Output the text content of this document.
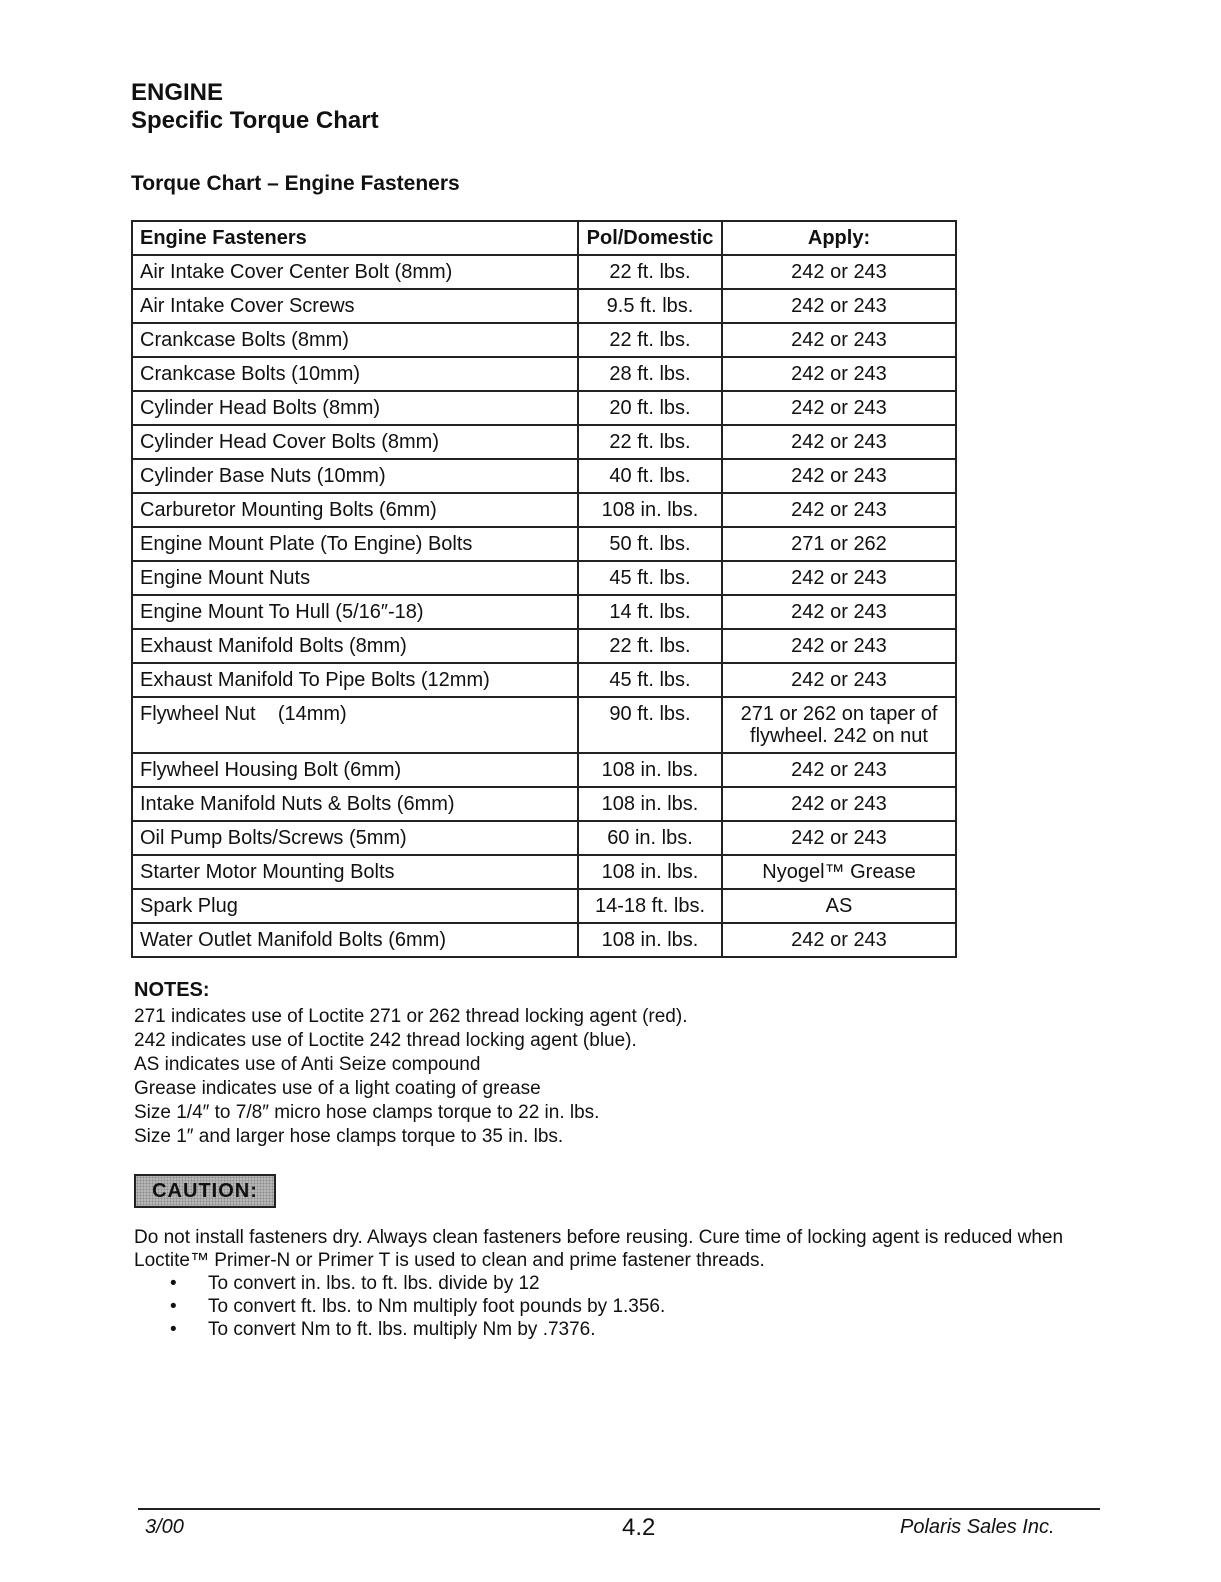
ENGINE
Specific Torque Chart
Torque Chart – Engine Fasteners
Engine Fasteners	Pol/Domestic	Apply:
Air Intake Cover Center Bolt (8mm)	22 ft. lbs.	242 or 243
Air Intake Cover Screws	9.5 ft. lbs.	242 or 243
Crankcase Bolts (8mm)	22 ft. lbs.	242 or 243
Crankcase Bolts (10mm)	28 ft. lbs.	242 or 243
Cylinder Head Bolts (8mm)	20 ft. lbs.	242 or 243
Cylinder Head Cover Bolts (8mm)	22 ft. lbs.	242 or 243
Cylinder Base Nuts (10mm)	40 ft. lbs.	242 or 243
Carburetor Mounting Bolts (6mm)	108 in. lbs.	242 or 243
Engine Mount Plate (To Engine) Bolts	50 ft. lbs.	271 or 262
Engine Mount Nuts	45 ft. lbs.	242 or 243
Engine Mount To Hull (5/16″-18)	14 ft. lbs.	242 or 243
Exhaust Manifold Bolts (8mm)	22 ft. lbs.	242 or 243
Exhaust Manifold To Pipe Bolts (12mm)	45 ft. lbs.	242 or 243
Flywheel Nut    (14mm)	90 ft. lbs.	271 or 262 on taper of flywheel. 242 on nut
Flywheel Housing Bolt (6mm)	108 in. lbs.	242 or 243
Intake Manifold Nuts & Bolts (6mm)	108 in. lbs.	242 or 243
Oil Pump Bolts/Screws (5mm)	60 in. lbs.	242 or 243
Starter Motor Mounting Bolts	108 in. lbs.	Nyogel™ Grease
Spark Plug	14-18 ft. lbs.	AS
Water Outlet Manifold Bolts (6mm)	108 in. lbs.	242 or 243
NOTES:
271 indicates use of Loctite 271 or 262 thread locking agent (red).
242 indicates use of Loctite 242 thread locking agent (blue).
AS indicates use of Anti Seize compound
Grease indicates use of a light coating of grease
Size 1/4″ to 7/8″ micro hose clamps torque to 22 in. lbs.
Size 1″ and larger hose clamps torque to 35 in. lbs.
CAUTION:
Do not install fasteners dry. Always clean fasteners before reusing. Cure time of locking agent is reduced when Loctite™ Primer-N or Primer T is used to clean and prime fastener threads.
• To convert in. lbs. to ft. lbs. divide by 12
• To convert ft. lbs. to Nm multiply foot pounds by 1.356.
• To convert Nm to ft. lbs. multiply Nm by .7376.
3/00	4.2	Polaris Sales Inc.
